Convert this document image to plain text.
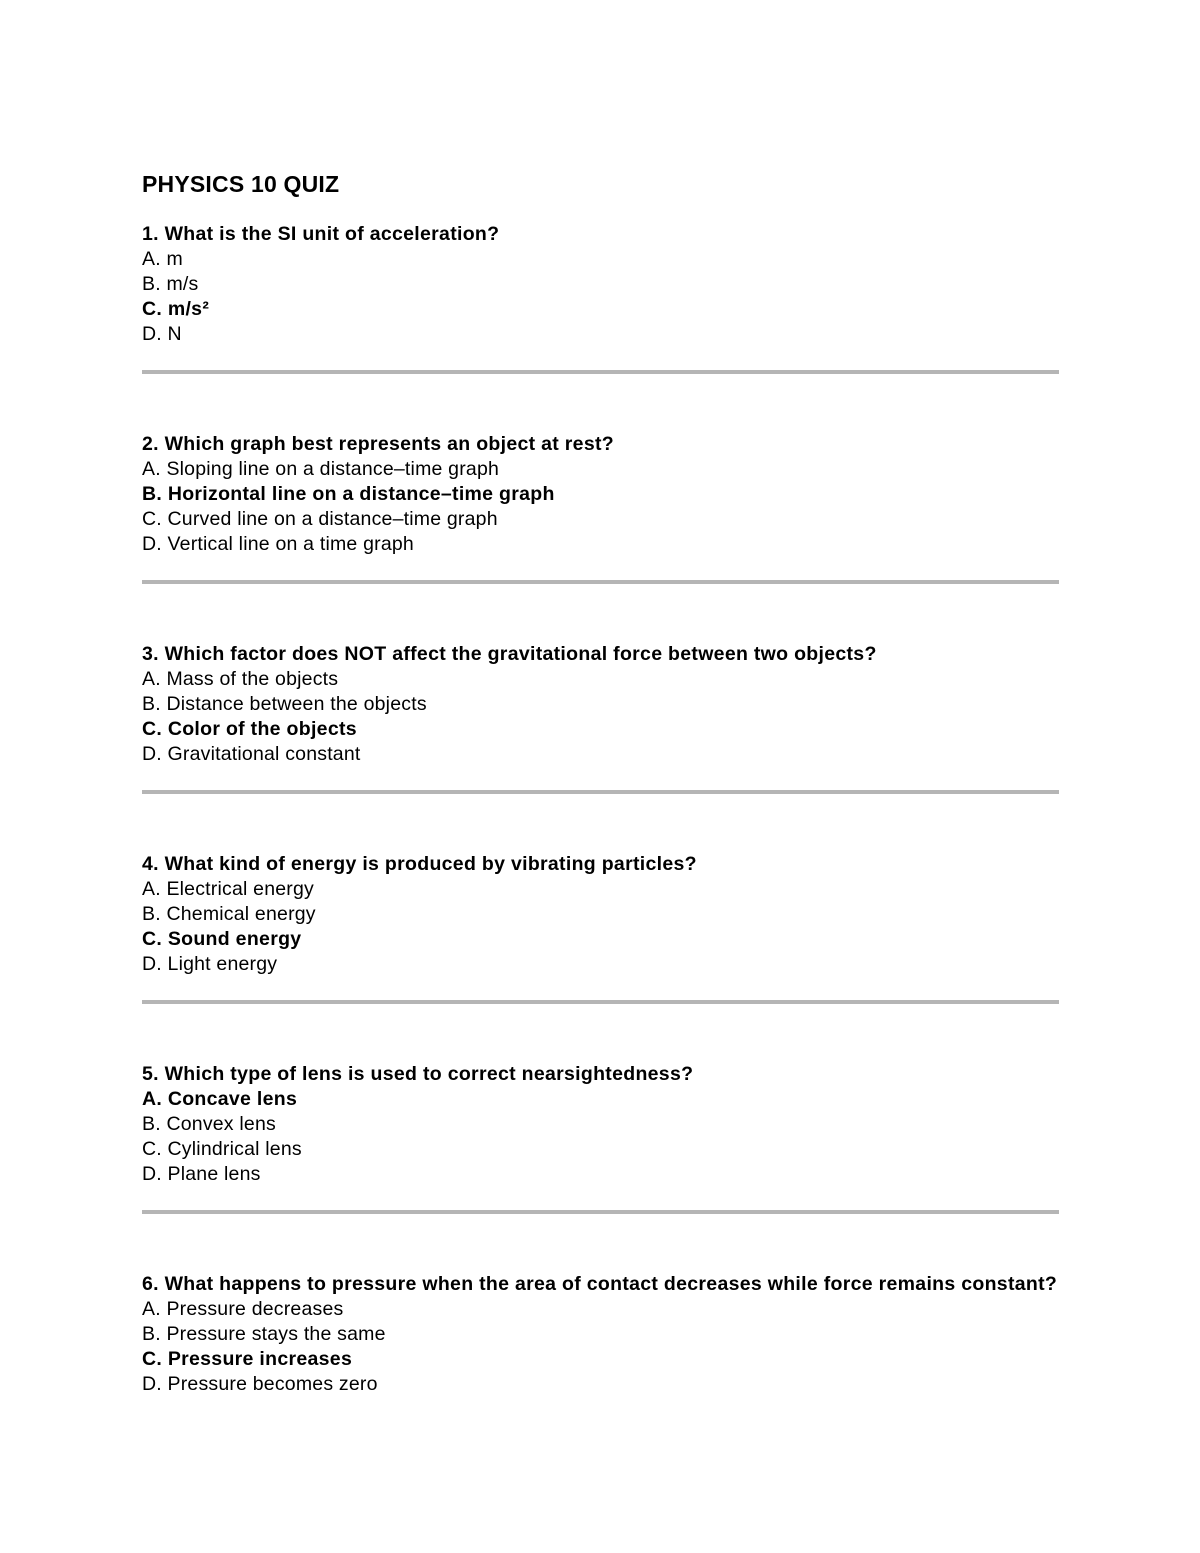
PHYSICS 10 QUIZ
1. What is the SI unit of acceleration?
A. m
B. m/s
C. m/s²
D. N
2. Which graph best represents an object at rest?
A. Sloping line on a distance–time graph
B. Horizontal line on a distance–time graph
C. Curved line on a distance–time graph
D. Vertical line on a time graph
3. Which factor does NOT affect the gravitational force between two objects?
A. Mass of the objects
B. Distance between the objects
C. Color of the objects
D. Gravitational constant
4. What kind of energy is produced by vibrating particles?
A. Electrical energy
B. Chemical energy
C. Sound energy
D. Light energy
5. Which type of lens is used to correct nearsightedness?
A. Concave lens
B. Convex lens
C. Cylindrical lens
D. Plane lens
6. What happens to pressure when the area of contact decreases while force remains constant?
A. Pressure decreases
B. Pressure stays the same
C. Pressure increases
D. Pressure becomes zero
